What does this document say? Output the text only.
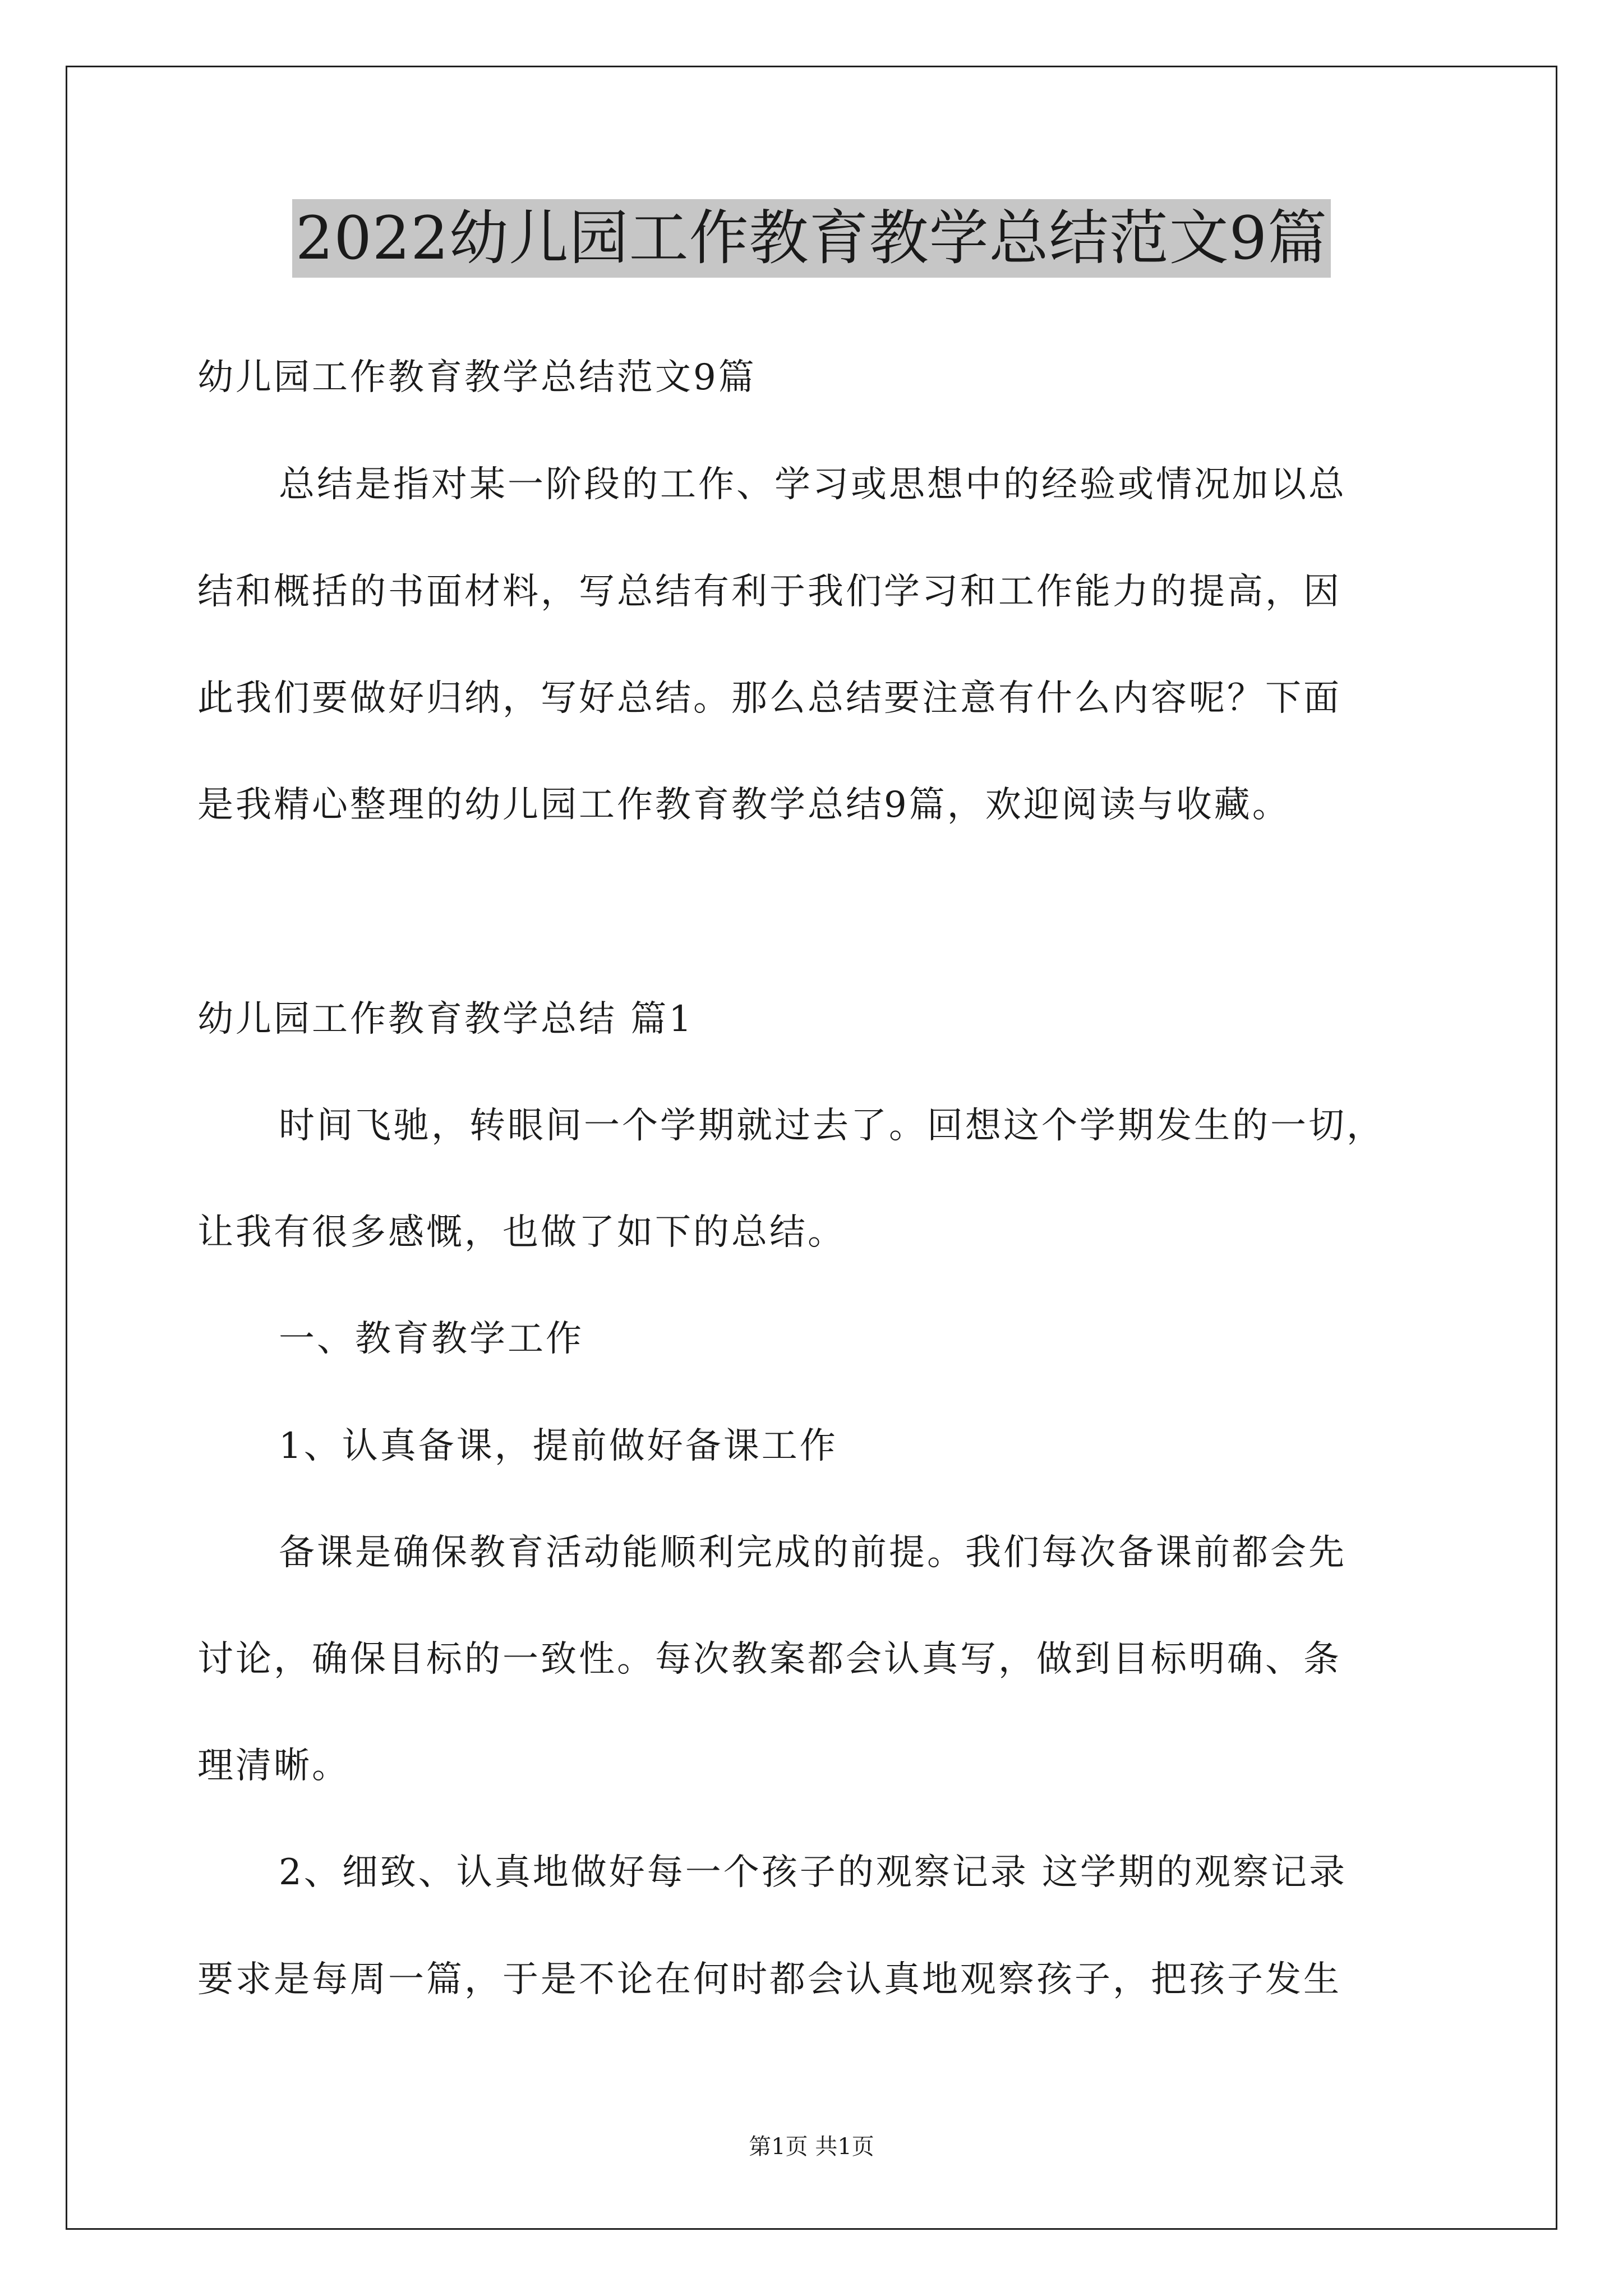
2022幼儿园工作教育教学总结范文9篇
幼儿园工作教育教学总结范文9篇
总结是指对某一阶段的工作、学习或思想中的经验或情况加以总
结和概括的书面材料，写总结有利于我们学习和工作能力的提高，因
此我们要做好归纳，写好总结。那么总结要注意有什么内容呢？下面
是我精心整理的幼儿园工作教育教学总结9篇，欢迎阅读与收藏。
幼儿园工作教育教学总结 篇1
时间飞驰，转眼间一个学期就过去了。回想这个学期发生的一切，
让我有很多感慨，也做了如下的总结。
一、教育教学工作
1、认真备课，提前做好备课工作
备课是确保教育活动能顺利完成的前提。我们每次备课前都会先
讨论，确保目标的一致性。每次教案都会认真写，做到目标明确、条
理清晰。
2、细致、认真地做好每一个孩子的观察记录 这学期的观察记录
要求是每周一篇，于是不论在何时都会认真地观察孩子，把孩子发生
第1页 共1页
